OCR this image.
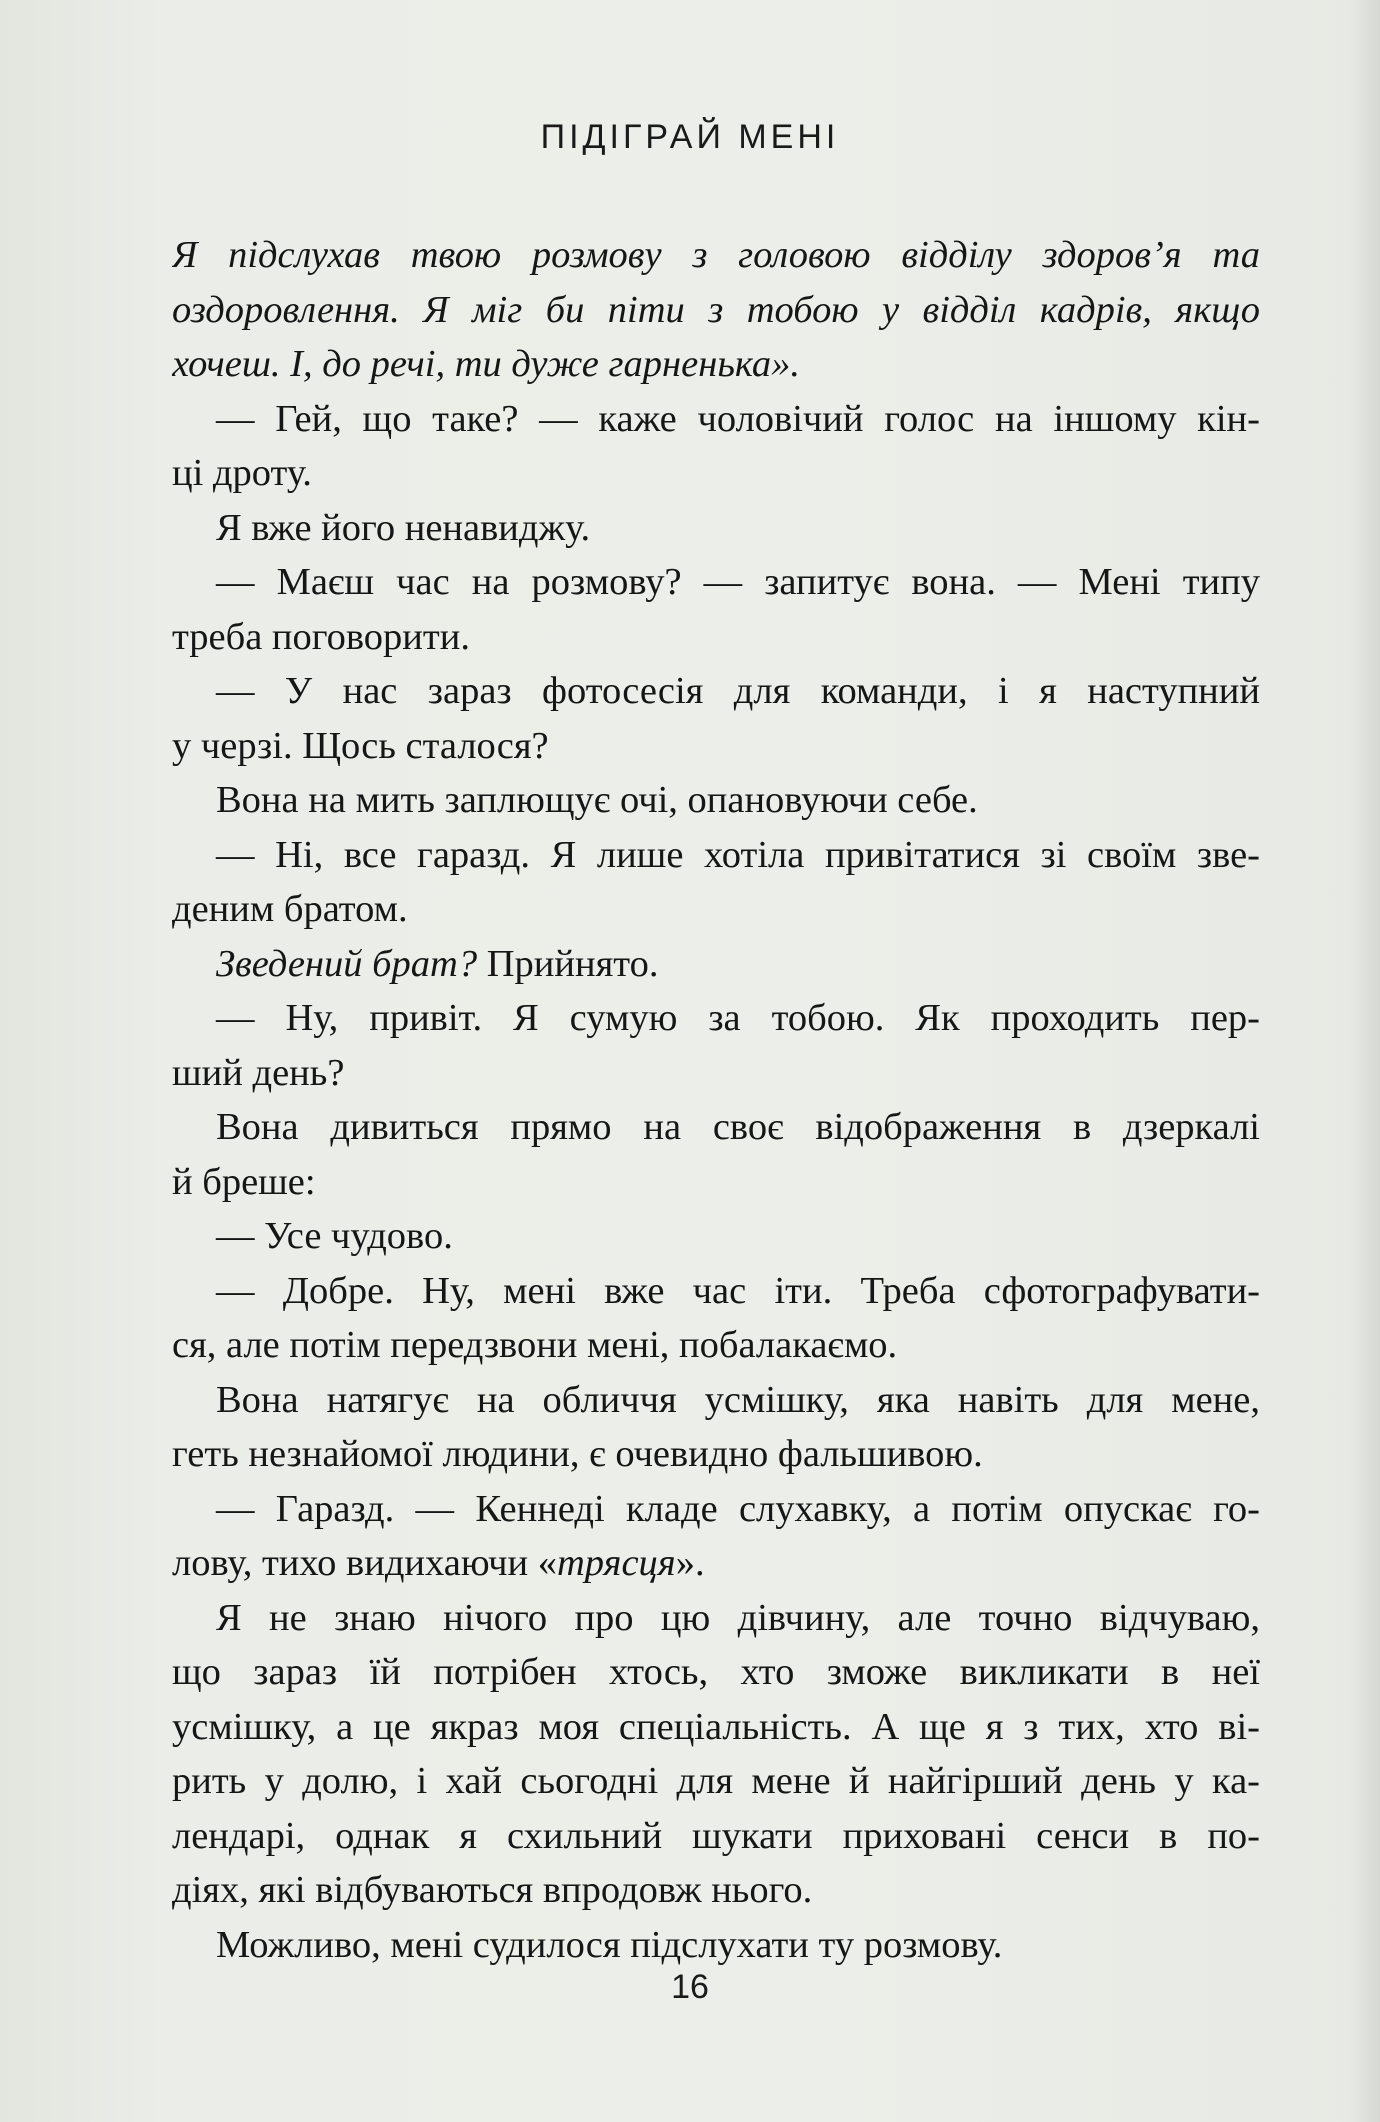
ПІДІГРАЙ МЕНІ
Я підслухав твою розмову з головою відділу здоров’я та
оздоровлення. Я міг би піти з тобою у відділ кадрів, якщо
хочеш. І, до речі, ти дуже гарненька».
— Гей, що таке? — каже чоловічий голос на іншому кін-
ці дроту.
Я вже його ненавиджу.
— Маєш час на розмову? — запитує вона. — Мені типу
треба поговорити.
— У нас зараз фотосесія для команди, і я наступний
у черзі. Щось сталося?
Вона на мить заплющує очі, опановуючи себе.
— Ні, все гаразд. Я лише хотіла привітатися зі своїм зве-
деним братом.
Зведений брат? Прийнято.
— Ну, привіт. Я сумую за тобою. Як проходить пер-
ший день?
Вона дивиться прямо на своє відображення в дзеркалі
й бреше:
— Усе чудово.
— Добре. Ну, мені вже час іти. Треба сфотографувати-
ся, але потім передзвони мені, побалакаємо.
Вона натягує на обличчя усмішку, яка навіть для мене,
геть незнайомої людини, є очевидно фальшивою.
— Гаразд. — Кеннеді кладе слухавку, а потім опускає го-
лову, тихо видихаючи «трясця».
Я не знаю нічого про цю дівчину, але точно відчуваю,
що зараз їй потрібен хтось, хто зможе викликати в неї
усмішку, а це якраз моя спеціальність. А ще я з тих, хто ві-
рить у долю, і хай сьогодні для мене й найгірший день у ка-
лендарі, однак я схильний шукати приховані сенси в по-
діях, які відбуваються впродовж нього.
Можливо, мені судилося підслухати ту розмову.
16
